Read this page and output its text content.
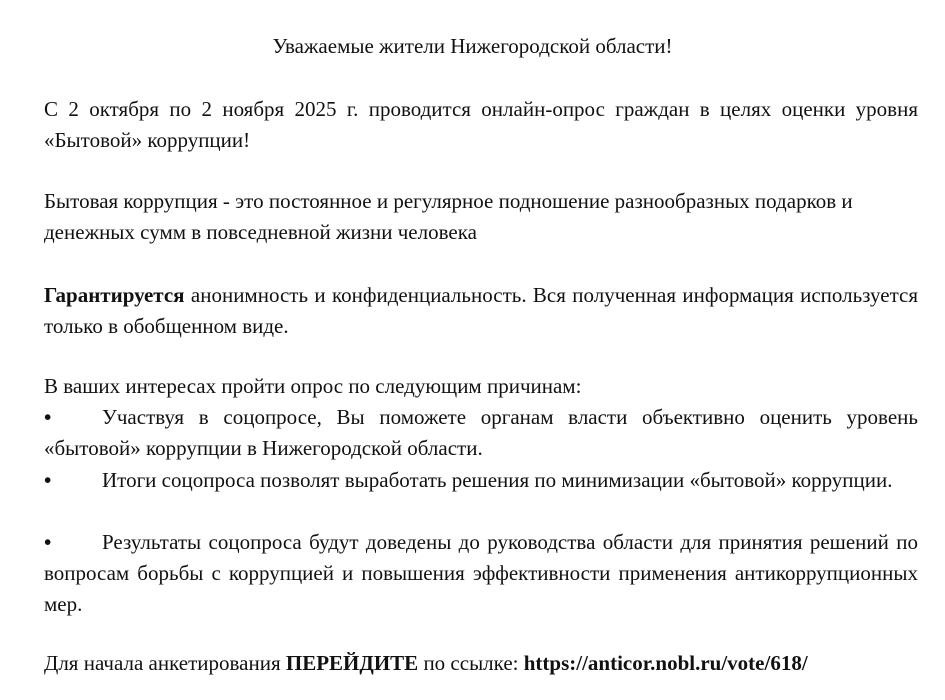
Уважаемые жители Нижегородской области!

С 2 октября по 2 ноября 2025 г. проводится онлайн-опрос граждан в целях оценки уровня «Бытовой» коррупции!

Бытовая коррупция - это постоянное и регулярное подношение разнообразных подарков и денежных сумм в повседневной жизни человека

Гарантируется анонимность и конфиденциальность. Вся полученная информация используется только в обобщенном виде.

В ваших интересах пройти опрос по следующим причинам:

•	Участвуя в соцопросе, Вы поможете органам власти объективно оценить уровень «бытовой» коррупции в Нижегородской области.

•	Итоги соцопроса позволят выработать решения по минимизации «бытовой» коррупции.

•	Результаты соцопроса будут доведены до руководства области для принятия решений по вопросам борьбы с коррупцией и повышения эффективности применения антикоррупционных мер.

Для начала анкетирования ПЕРЕЙДИТЕ по ссылке: https://anticor.nobl.ru/vote/618/
